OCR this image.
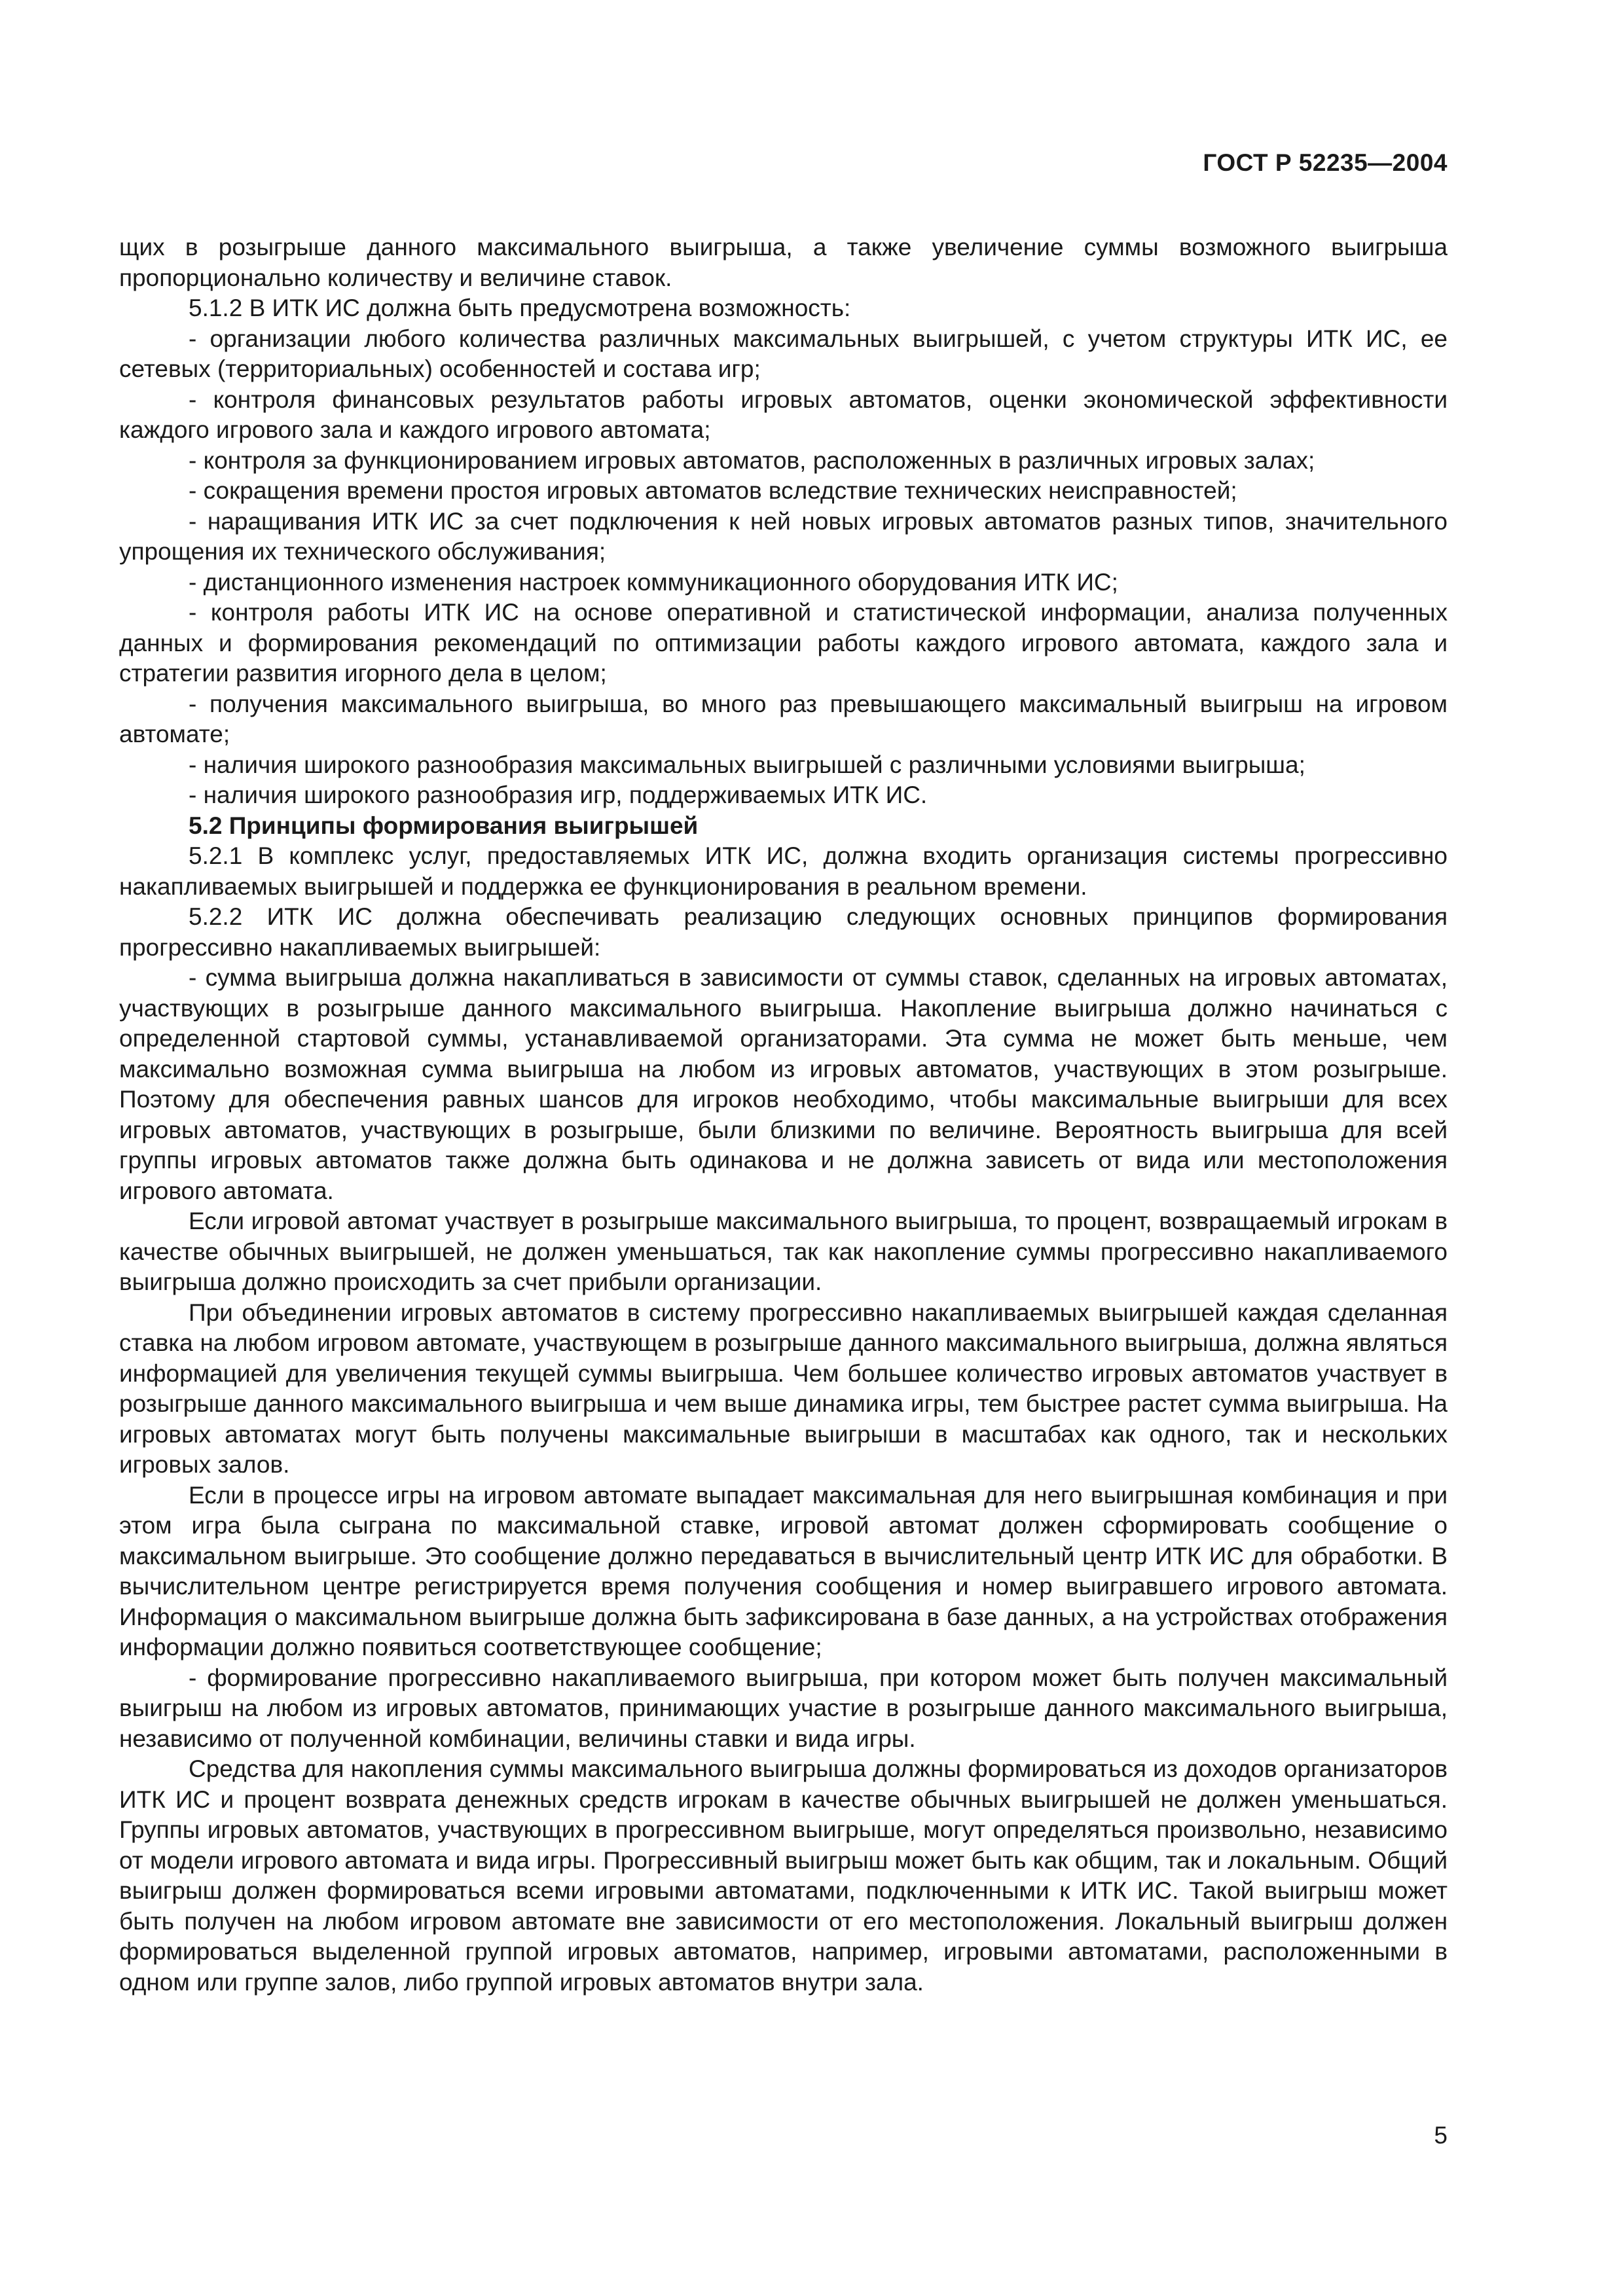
ГОСТ Р 52235—2004

щих в розыгрыше данного максимального выигрыша, а также увеличение суммы возможного выигрыша пропорционально количеству и величине ставок.

5.1.2 В ИТК ИС должна быть предусмотрена возможность:

- организации любого количества различных максимальных выигрышей, с учетом структуры ИТК ИС, ее сетевых (территориальных) особенностей и состава игр;

- контроля финансовых результатов работы игровых автоматов, оценки экономической эффективности каждого игрового зала и каждого игрового автомата;

- контроля за функционированием игровых автоматов, расположенных в различных игровых залах;

- сокращения времени простоя игровых автоматов вследствие технических неисправностей;

- наращивания ИТК ИС за счет подключения к ней новых игровых автоматов разных типов, значительного упрощения их технического обслуживания;

- дистанционного изменения настроек коммуникационного оборудования ИТК ИС;

- контроля работы ИТК ИС на основе оперативной и статистической информации, анализа полученных данных и формирования рекомендаций по оптимизации работы каждого игрового автомата, каждого зала и стратегии развития игорного дела в целом;

- получения максимального выигрыша, во много раз превышающего максимальный выигрыш на игровом автомате;

- наличия широкого разнообразия максимальных выигрышей с различными условиями выигрыша;

- наличия широкого разнообразия игр, поддерживаемых ИТК ИС.

5.2 Принципы формирования выигрышей

5.2.1 В комплекс услуг, предоставляемых ИТК ИС, должна входить организация системы прогрессивно накапливаемых выигрышей и поддержка ее функционирования в реальном времени.

5.2.2 ИТК ИС должна обеспечивать реализацию следующих основных принципов формирования прогрессивно накапливаемых выигрышей:

- сумма выигрыша должна накапливаться в зависимости от суммы ставок, сделанных на игровых автоматах, участвующих в розыгрыше данного максимального выигрыша. Накопление выигрыша должно начинаться с определенной стартовой суммы, устанавливаемой организаторами. Эта сумма не может быть меньше, чем максимально возможная сумма выигрыша на любом из игровых автоматов, участвующих в этом розыгрыше. Поэтому для обеспечения равных шансов для игроков необходимо, чтобы максимальные выигрыши для всех игровых автоматов, участвующих в розыгрыше, были близкими по величине. Вероятность выигрыша для всей группы игровых автоматов также должна быть одинакова и не должна зависеть от вида или местоположения игрового автомата.

Если игровой автомат участвует в розыгрыше максимального выигрыша, то процент, возвращаемый игрокам в качестве обычных выигрышей, не должен уменьшаться, так как накопление суммы прогрессивно накапливаемого выигрыша должно происходить за счет прибыли организации.

При объединении игровых автоматов в систему прогрессивно накапливаемых выигрышей каждая сделанная ставка на любом игровом автомате, участвующем в розыгрыше данного максимального выигрыша, должна являться информацией для увеличения текущей суммы выигрыша. Чем большее количество игровых автоматов участвует в розыгрыше данного максимального выигрыша и чем выше динамика игры, тем быстрее растет сумма выигрыша. На игровых автоматах могут быть получены максимальные выигрыши в масштабах как одного, так и нескольких игровых залов.

Если в процессе игры на игровом автомате выпадает максимальная для него выигрышная комбинация и при этом игра была сыграна по максимальной ставке, игровой автомат должен сформировать сообщение о максимальном выигрыше. Это сообщение должно передаваться в вычислительный центр ИТК ИС для обработки. В вычислительном центре регистрируется время получения сообщения и номер выигравшего игрового автомата. Информация о максимальном выигрыше должна быть зафиксирована в базе данных, а на устройствах отображения информации должно появиться соответствующее сообщение;

- формирование прогрессивно накапливаемого выигрыша, при котором может быть получен максимальный выигрыш на любом из игровых автоматов, принимающих участие в розыгрыше данного максимального выигрыша, независимо от полученной комбинации, величины ставки и вида игры.

Средства для накопления суммы максимального выигрыша должны формироваться из доходов организаторов ИТК ИС и процент возврата денежных средств игрокам в качестве обычных выигрышей не должен уменьшаться. Группы игровых автоматов, участвующих в прогрессивном выигрыше, могут определяться произвольно, независимо от модели игрового автомата и вида игры. Прогрессивный выигрыш может быть как общим, так и локальным. Общий выигрыш должен формироваться всеми игровыми автоматами, подключенными к ИТК ИС. Такой выигрыш может быть получен на любом игровом автомате вне зависимости от его местоположения. Локальный выигрыш должен формироваться выделенной группой игровых автоматов, например, игровыми автоматами, расположенными в одном или группе залов, либо группой игровых автоматов внутри зала.

5
